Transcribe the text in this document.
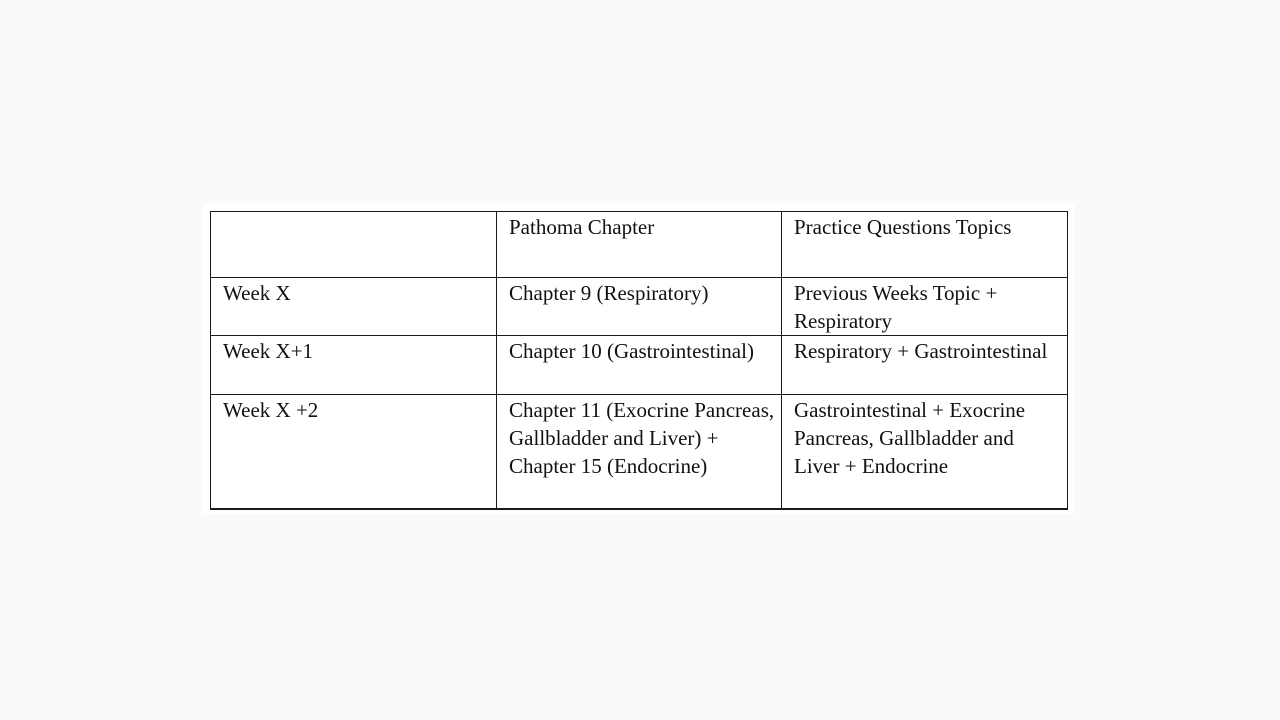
	Pathoma Chapter	Practice Questions Topics
Week X	Chapter 9 (Respiratory)	Previous Weeks Topic + Respiratory
Week X+1	Chapter 10 (Gastrointestinal)	Respiratory + Gastrointestinal
Week X +2	Chapter 11 (Exocrine Pancreas, Gallbladder and Liver) + Chapter 15 (Endocrine)	Gastrointestinal + Exocrine Pancreas, Gallbladder and Liver + Endocrine
